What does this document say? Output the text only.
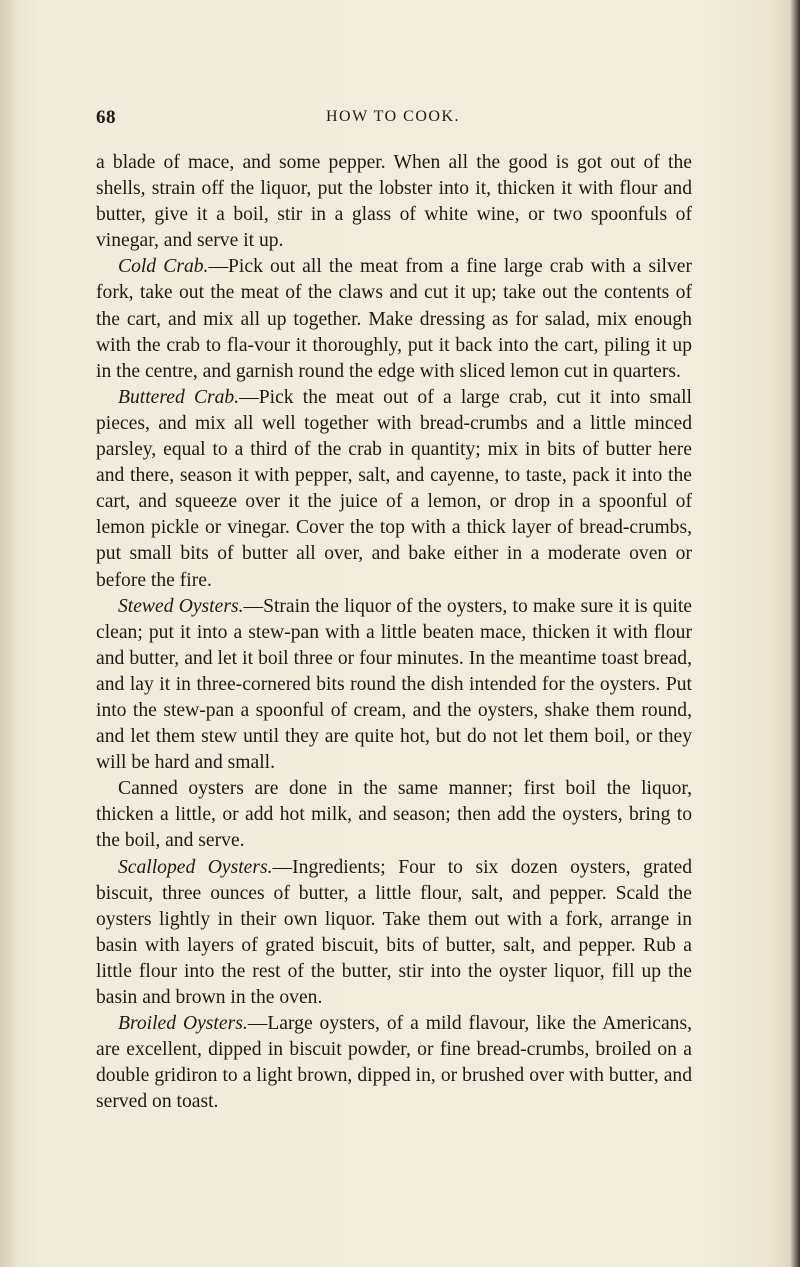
68	HOW TO COOK.

a blade of mace, and some pepper. When all the good is got out of the shells, strain off the liquor, put the lobster into it, thicken it with flour and butter, give it a boil, stir in a glass of white wine, or two spoonfuls of vinegar, and serve it up.

Cold Crab.—Pick out all the meat from a fine large crab with a silver fork, take out the meat of the claws and cut it up; take out the contents of the cart, and mix all up together. Make dressing as for salad, mix enough with the crab to fla-vour it thoroughly, put it back into the cart, piling it up in the centre, and garnish round the edge with sliced lemon cut in quarters.

Buttered Crab.—Pick the meat out of a large crab, cut it into small pieces, and mix all well together with bread-crumbs and a little minced parsley, equal to a third of the crab in quantity; mix in bits of butter here and there, season it with pepper, salt, and cayenne, to taste, pack it into the cart, and squeeze over it the juice of a lemon, or drop in a spoonful of lemon pickle or vinegar. Cover the top with a thick layer of bread-crumbs, put small bits of butter all over, and bake either in a moderate oven or before the fire.

Stewed Oysters.—Strain the liquor of the oysters, to make sure it is quite clean; put it into a stew-pan with a little beaten mace, thicken it with flour and butter, and let it boil three or four minutes. In the meantime toast bread, and lay it in three-cornered bits round the dish intended for the oysters. Put into the stew-pan a spoonful of cream, and the oysters, shake them round, and let them stew until they are quite hot, but do not let them boil, or they will be hard and small.

Canned oysters are done in the same manner; first boil the liquor, thicken a little, or add hot milk, and season; then add the oysters, bring to the boil, and serve.

Scalloped Oysters.—Ingredients; Four to six dozen oysters, grated biscuit, three ounces of butter, a little flour, salt, and pepper. Scald the oysters lightly in their own liquor. Take them out with a fork, arrange in basin with layers of grated biscuit, bits of butter, salt, and pepper. Rub a little flour into the rest of the butter, stir into the oyster liquor, fill up the basin and brown in the oven.

Broiled Oysters.—Large oysters, of a mild flavour, like the Americans, are excellent, dipped in biscuit powder, or fine bread-crumbs, broiled on a double gridiron to a light brown, dipped in, or brushed over with butter, and served on toast.
